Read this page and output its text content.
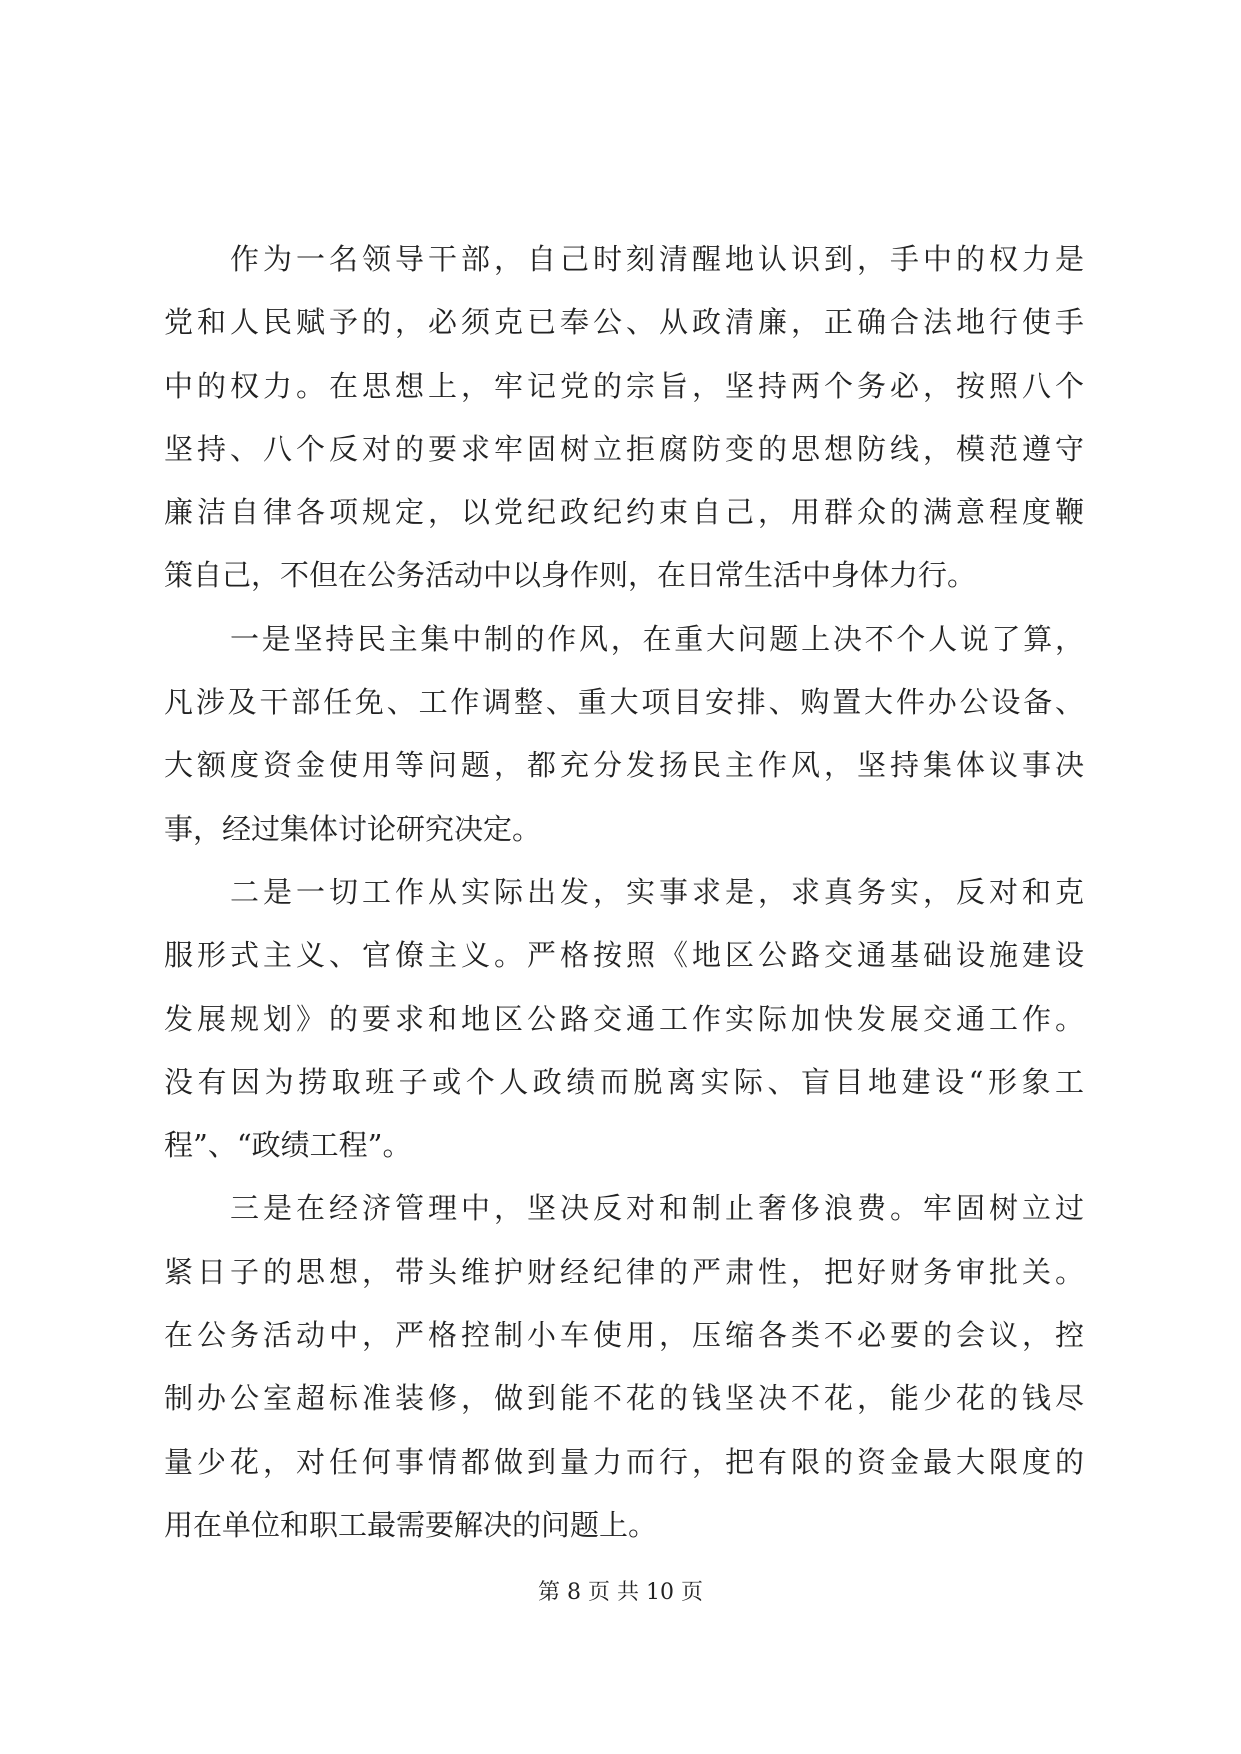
作为一名领导干部，自己时刻清醒地认识到，手中的权力是
党和人民赋予的，必须克已奉公、从政清廉，正确合法地行使手
中的权力。在思想上，牢记党的宗旨，坚持两个务必，按照八个
坚持、八个反对的要求牢固树立拒腐防变的思想防线，模范遵守
廉洁自律各项规定，以党纪政纪约束自己，用群众的满意程度鞭
策自己，不但在公务活动中以身作则，在日常生活中身体力行。
一是坚持民主集中制的作风，在重大问题上决不个人说了算，
凡涉及干部任免、工作调整、重大项目安排、购置大件办公设备、
大额度资金使用等问题，都充分发扬民主作风，坚持集体议事决
事，经过集体讨论研究决定。
二是一切工作从实际出发，实事求是，求真务实，反对和克
服形式主义、官僚主义。严格按照《地区公路交通基础设施建设
发展规划》的要求和地区公路交通工作实际加快发展交通工作。
没有因为捞取班子或个人政绩而脱离实际、盲目地建设“形象工
程”、“政绩工程”。
三是在经济管理中，坚决反对和制止奢侈浪费。牢固树立过
紧日子的思想，带头维护财经纪律的严肃性，把好财务审批关。
在公务活动中，严格控制小车使用，压缩各类不必要的会议，控
制办公室超标准装修，做到能不花的钱坚决不花，能少花的钱尽
量少花，对任何事情都做到量力而行，把有限的资金最大限度的
用在单位和职工最需要解决的问题上。
第 8 页 共 10 页
